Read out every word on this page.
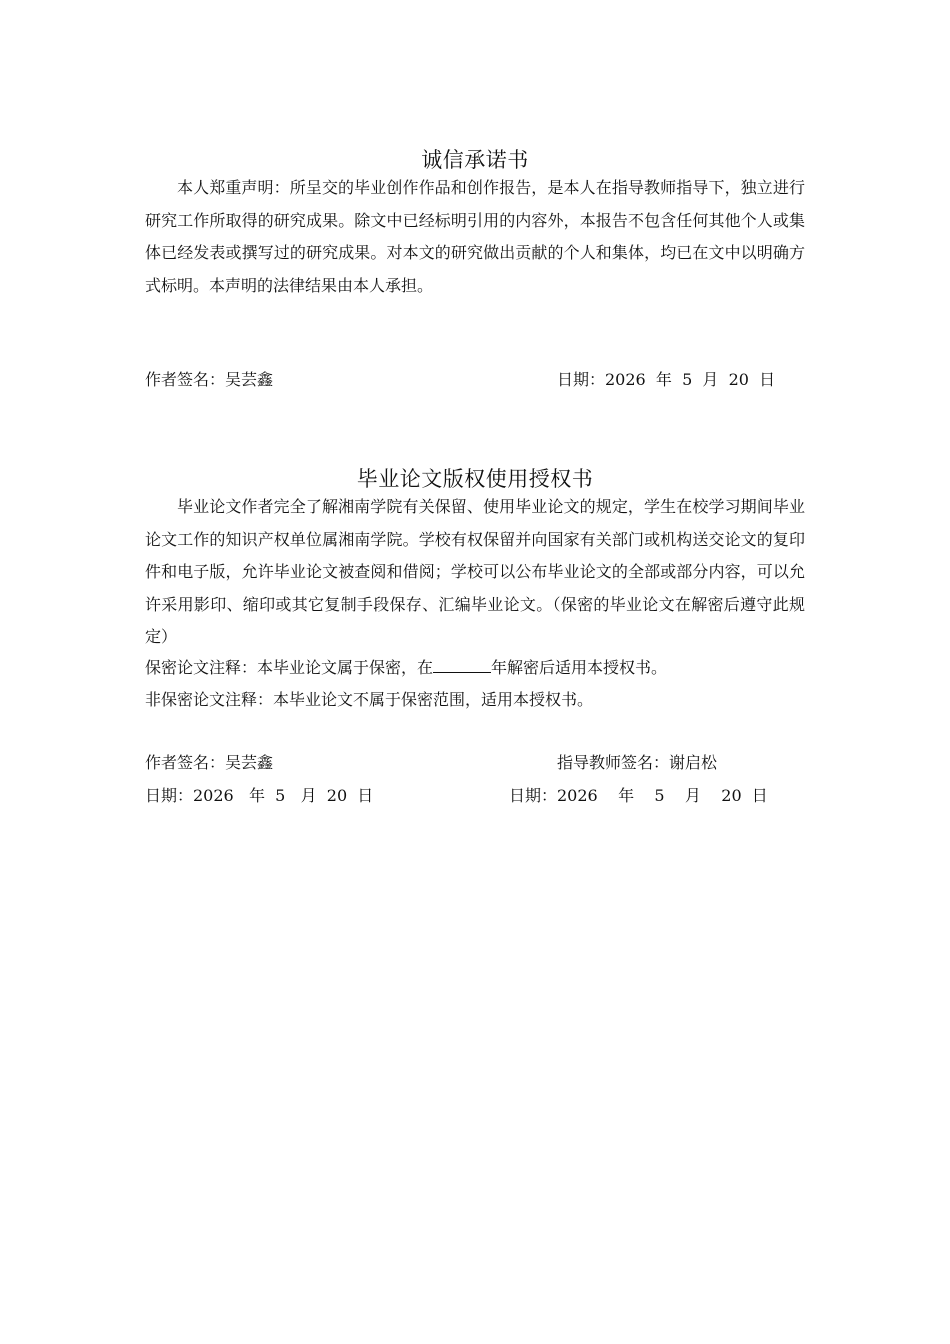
诚信承诺书
本人郑重声明：所呈交的毕业创作作品和创作报告，是本人在指导教师指导下，独立进行研究工作所取得的研究成果。除文中已经标明引用的内容外，本报告不包含任何其他个人或集体已经发表或撰写过的研究成果。对本文的研究做出贡献的个人和集体，均已在文中以明确方式标明。本声明的法律结果由本人承担。
作者签名：吴芸鑫	日期：2026  年  5  月  20  日
毕业论文版权使用授权书
毕业论文作者完全了解湘南学院有关保留、使用毕业论文的规定，学生在校学习期间毕业论文工作的知识产权单位属湘南学院。学校有权保留并向国家有关部门或机构送交论文的复印件和电子版，允许毕业论文被查阅和借阅；学校可以公布毕业论文的全部或部分内容，可以允许采用影印、缩印或其它复制手段保存、汇编毕业论文。（保密的毕业论文在解密后遵守此规定）
保密论文注释：本毕业论文属于保密，在	年解密后适用本授权书。
非保密论文注释：本毕业论文不属于保密范围，适用本授权书。
作者签名：吴芸鑫	指导教师签名：谢启松
日期：2026   年  5   月  20  日	日期：2026    年    5    月    20  日
